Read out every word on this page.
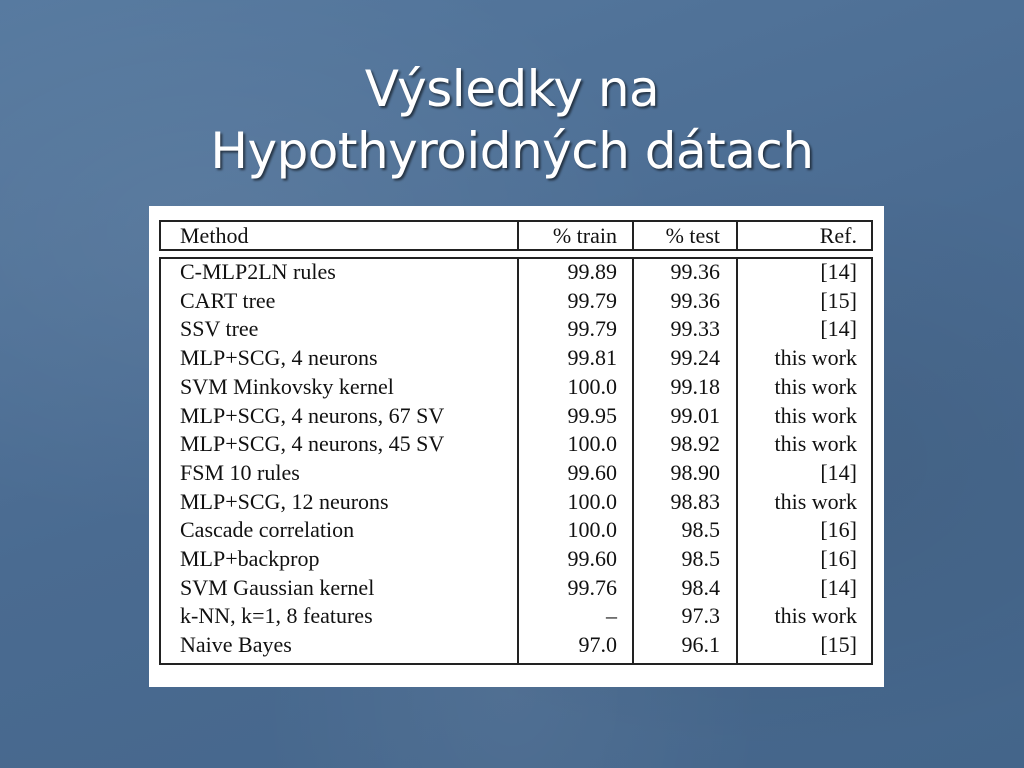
Výsledky na
Hypothyroidných dátach
Method	% train % test	Ref.
C-MLP2LN rules	99.89 99.36	[14]
CART tree	99.79 99.36	[15]
SSV tree	99.79 99.33	[14]
MLP+SCG, 4 neurons	99.81 99.24 this work
SVM Minkovsky kernel	100.0 99.18 this work
MLP+SCG, 4 neurons, 67 SV	99.95 99.01 this work
MLP+SCG, 4 neurons, 45 SV	100.0 98.92 this work
FSM 10 rules	99.60 98.90	[14]
MLP+SCG, 12 neurons	100.0 98.83 this work
Cascade correlation	100.0	98.5	[16]
MLP+backprop	99.60	98.5	[16]
SVM Gaussian kernel	99.76	98.4	[14]
k-NN, k=1, 8 features	–	97.3 this work
Naive Bayes	97.0	96.1	[15]
